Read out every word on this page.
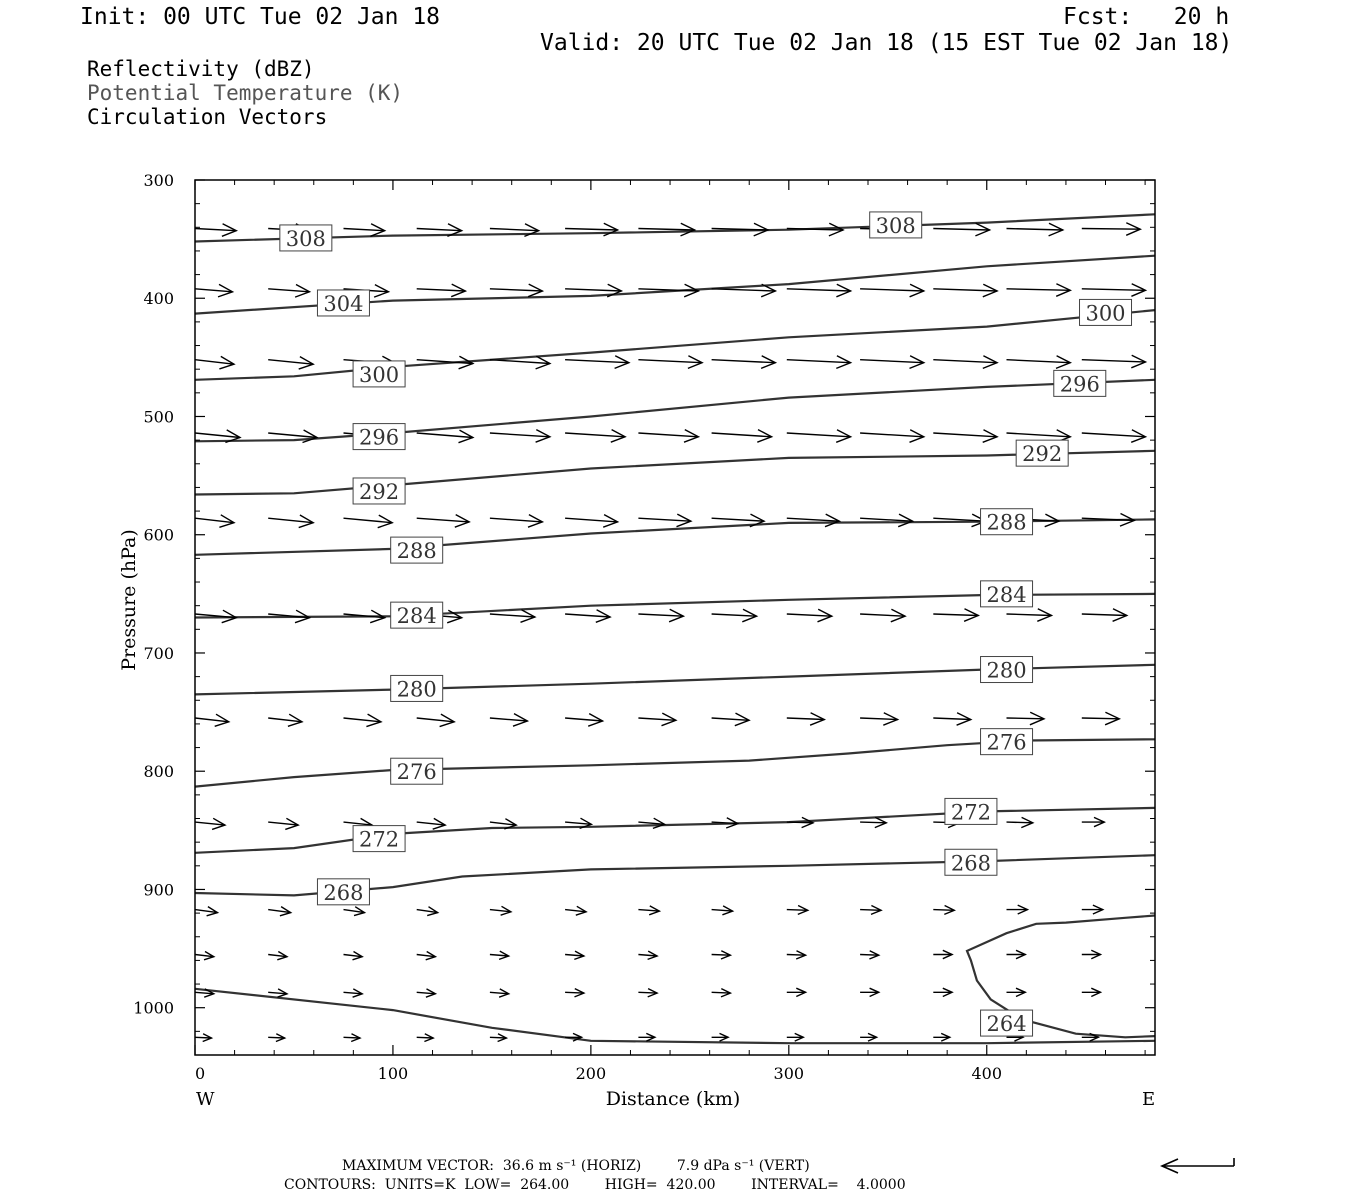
Init: 00 UTC Tue 02 Jan 18	Fcst:   20 h
Valid: 20 UTC Tue 02 Jan 18 (15 EST Tue 02 Jan 18)
Reflectivity (dBZ)
Potential Temperature (K)
Circulation Vectors
308
308
304
300
300
296
296
292
292
288
288
284
284
280
280
276
276
272
272
268
268
264
0	100	200	300	400
300
400
500
600
700
800
900
1000
Distance (km)
Pressure (hPa)
W	E
MAXIMUM VECTOR:  36.6 m s⁻¹ (HORIZ)        7.9 dPa s⁻¹ (VERT)
CONTOURS:  UNITS=K  LOW=  264.00        HIGH=  420.00        INTERVAL=    4.0000
